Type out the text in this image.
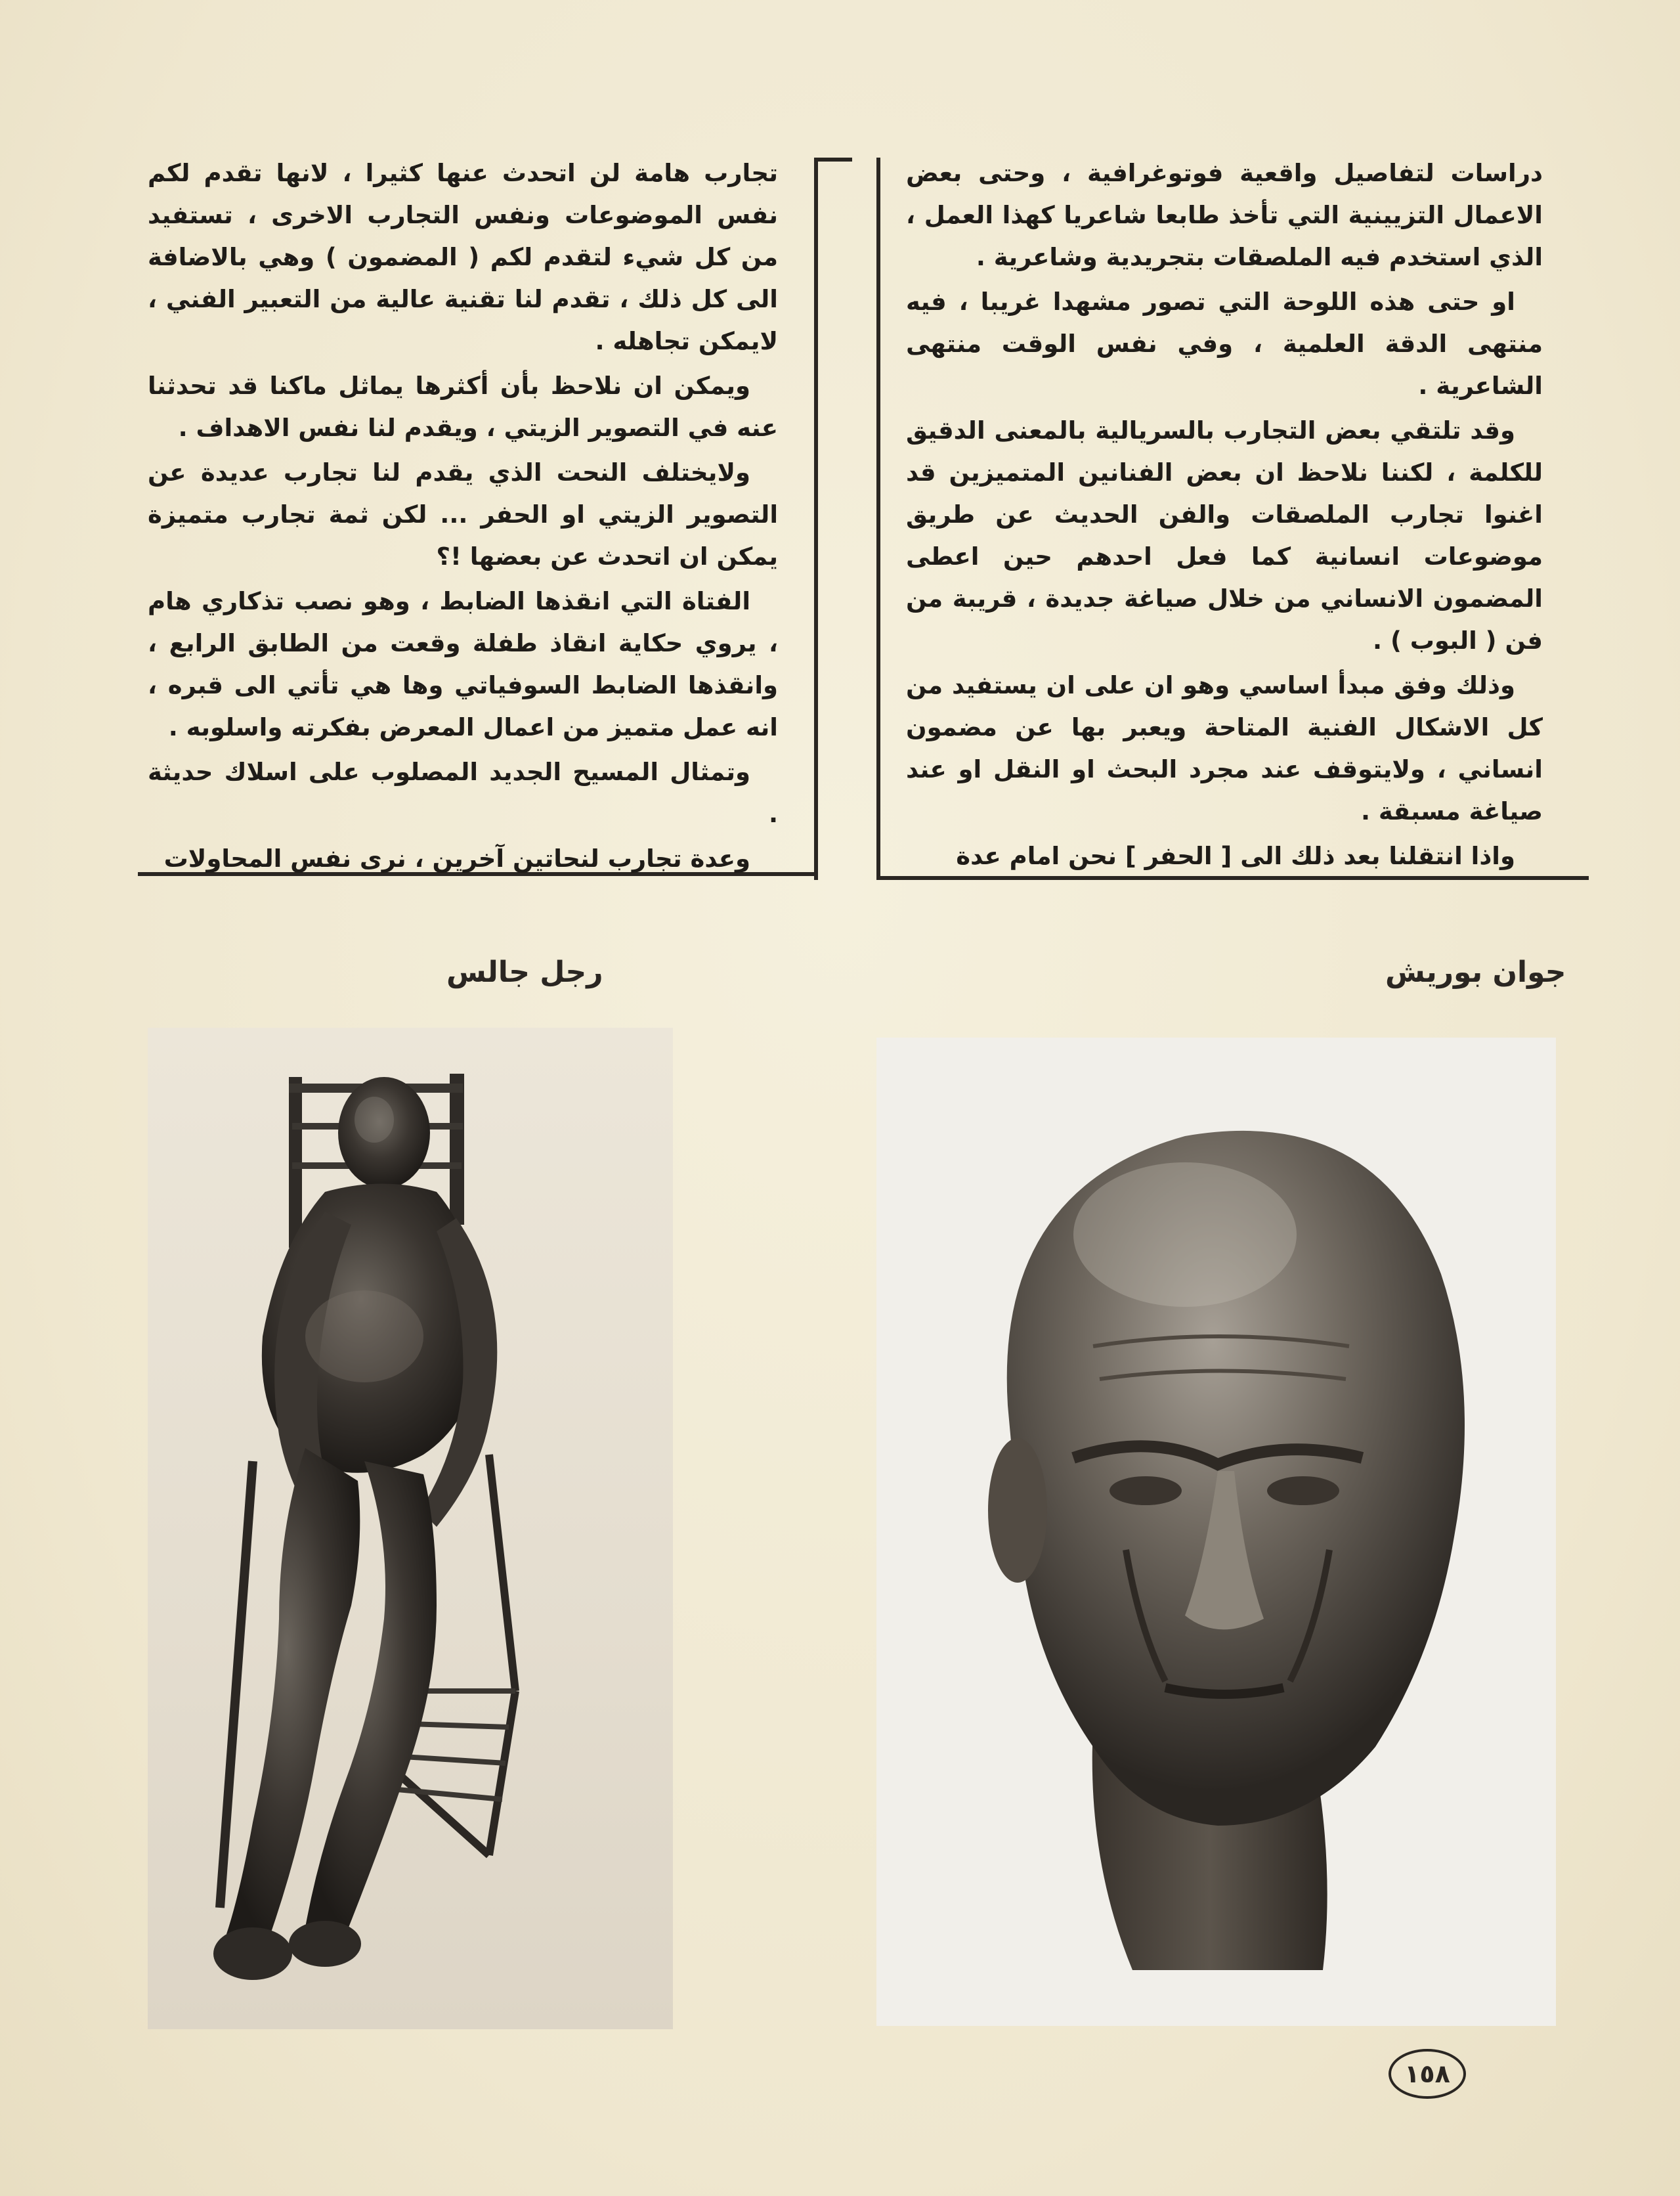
دراسات لتفاصيل واقعية فوتوغرافية ، وحتى بعض الاعمال التزيينية التي تأخذ طابعا شاعريا كهذا العمل ، الذي استخدم فيه الملصقات بتجريدية وشاعرية .

او حتى هذه اللوحة التي تصور مشهدا غريبا ، فيه منتهى الدقة العلمية ، وفي نفس الوقت منتهى الشاعرية .

وقد تلتقي بعض التجارب بالسريالية بالمعنى الدقيق للكلمة ، لكننا نلاحظ ان بعض الفنانين المتميزين قد اغنوا تجارب الملصقات والفن الحديث عن طريق موضوعات انسانية كما فعل احدهم حين اعطى المضمون الانساني من خلال صياغة جديدة ، قريبة من فن ( البوب ) .

وذلك وفق مبدأ اساسي وهو ان على ان يستفيد من كل الاشكال الفنية المتاحة ويعبر بها عن مضمون انساني ، ولايتوقف عند مجرد البحث او النقل او عند صياغة مسبقة .

واذا انتقلنا بعد ذلك الى [ الحفر ] نحن امام عدة

تجارب هامة لن اتحدث عنها كثيرا ، لانها تقدم لكم نفس الموضوعات ونفس التجارب الاخرى ، تستفيد من كل شيء لتقدم لكم ( المضمون ) وهي بالاضافة الى كل ذلك ، تقدم لنا تقنية عالية من التعبير الفني ، لايمكن تجاهله .

ويمكن ان نلاحظ بأن أكثرها يماثل ماكنا قد تحدثنا عنه في التصوير الزيتي ، ويقدم لنا نفس الاهداف .

ولايختلف النحت الذي يقدم لنا تجارب عديدة عن التصوير الزيتي او الحفر ... لكن ثمة تجارب متميزة يمكن ان اتحدث عن بعضها !؟

الفتاة التي انقذها الضابط ، وهو نصب تذكاري هام ، يروي حكاية انقاذ طفلة وقعت من الطابق الرابع ، وانقذها الضابط السوفياتي وها هي تأتي الى قبره ، انه عمل متميز من اعمال المعرض بفكرته واسلوبه .

وتمثال المسيح الجديد المصلوب على اسلاك حديثة .

وعدة تجارب لنحاتين آخرين ، نرى نفس المحاولات

رجل جالس	جوان بوريش
١٥٨
